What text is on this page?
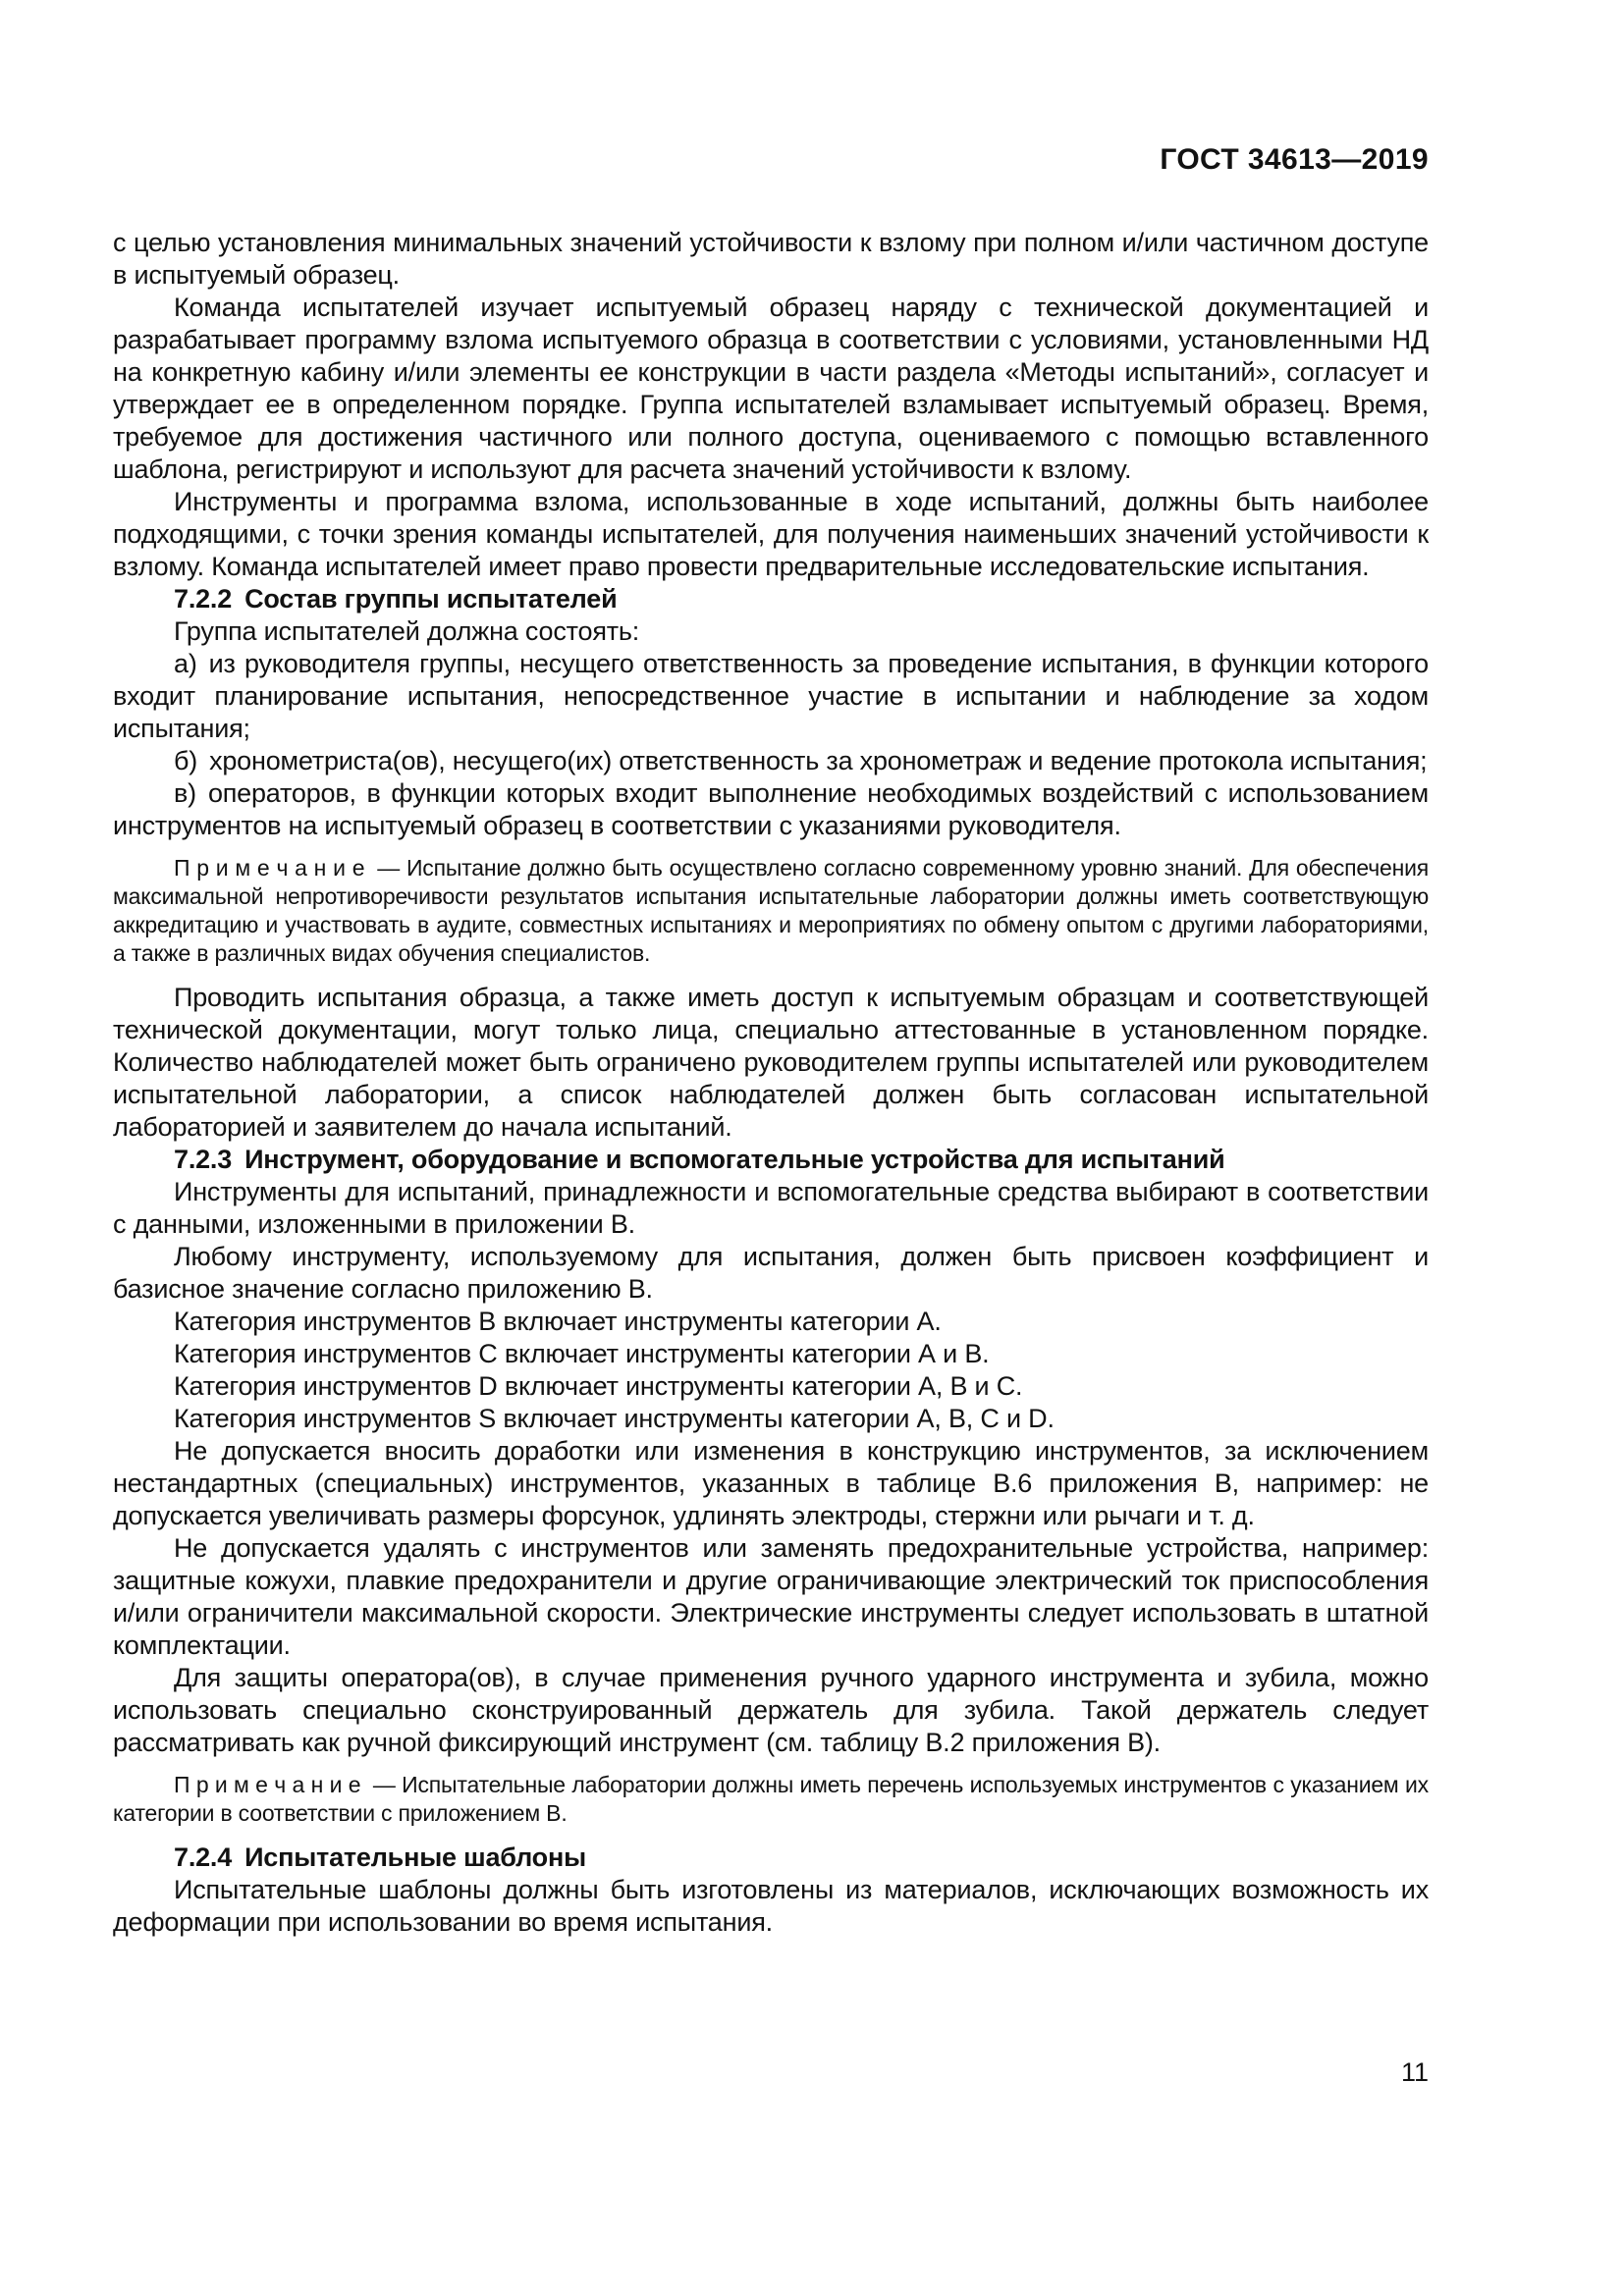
ГОСТ 34613—2019

с целью установления минимальных значений устойчивости к взлому при полном и/или частичном доступе в испытуемый образец.

Команда испытателей изучает испытуемый образец наряду с технической документацией и разрабатывает программу взлома испытуемого образца в соответствии с условиями, установленными НД на конкретную кабину и/или элементы ее конструкции в части раздела «Методы испытаний», согласует и утверждает ее в определенном порядке. Группа испытателей взламывает испытуемый образец. Время, требуемое для достижения частичного или полного доступа, оцениваемого с помощью вставленного шаблона, регистрируют и используют для расчета значений устойчивости к взлому.

Инструменты и программа взлома, использованные в ходе испытаний, должны быть наиболее подходящими, с точки зрения команды испытателей, для получения наименьших значений устойчивости к взлому. Команда испытателей имеет право провести предварительные исследовательские испытания.

7.2.2 Состав группы испытателей

Группа испытателей должна состоять:

а) из руководителя группы, несущего ответственность за проведение испытания, в функции которого входит планирование испытания, непосредственное участие в испытании и наблюдение за ходом испытания;

б) хронометриста(ов), несущего(их) ответственность за хронометраж и ведение протокола испытания;

в) операторов, в функции которых входит выполнение необходимых воздействий с использованием инструментов на испытуемый образец в соответствии с указаниями руководителя.

П р и м е ч а н и е — Испытание должно быть осуществлено согласно современному уровню знаний. Для обеспечения максимальной непротиворечивости результатов испытания испытательные лаборатории должны иметь соответствующую аккредитацию и участвовать в аудите, совместных испытаниях и мероприятиях по обмену опытом с другими лабораториями, а также в различных видах обучения специалистов.

Проводить испытания образца, а также иметь доступ к испытуемым образцам и соответствующей технической документации, могут только лица, специально аттестованные в установленном порядке. Количество наблюдателей может быть ограничено руководителем группы испытателей или руководителем испытательной лаборатории, а список наблюдателей должен быть согласован испытательной лабораторией и заявителем до начала испытаний.

7.2.3 Инструмент, оборудование и вспомогательные устройства для испытаний

Инструменты для испытаний, принадлежности и вспомогательные средства выбирают в соответствии с данными, изложенными в приложении В.

Любому инструменту, используемому для испытания, должен быть присвоен коэффициент и базисное значение согласно приложению В.

Категория инструментов В включает инструменты категории А.

Категория инструментов С включает инструменты категории А и В.

Категория инструментов D включает инструменты категории А, В и С.

Категория инструментов S включает инструменты категории А, В, С и D.

Не допускается вносить доработки или изменения в конструкцию инструментов, за исключением нестандартных (специальных) инструментов, указанных в таблице В.6 приложения В, например: не допускается увеличивать размеры форсунок, удлинять электроды, стержни или рычаги и т. д.

Не допускается удалять с инструментов или заменять предохранительные устройства, например: защитные кожухи, плавкие предохранители и другие ограничивающие электрический ток приспособления и/или ограничители максимальной скорости. Электрические инструменты следует использовать в штатной комплектации.

Для защиты оператора(ов), в случае применения ручного ударного инструмента и зубила, можно использовать специально сконструированный держатель для зубила. Такой держатель следует рассматривать как ручной фиксирующий инструмент (см. таблицу В.2 приложения В).

П р и м е ч а н и е — Испытательные лаборатории должны иметь перечень используемых инструментов с указанием их категории в соответствии с приложением В.

7.2.4 Испытательные шаблоны

Испытательные шаблоны должны быть изготовлены из материалов, исключающих возможность их деформации при использовании во время испытания.

11
